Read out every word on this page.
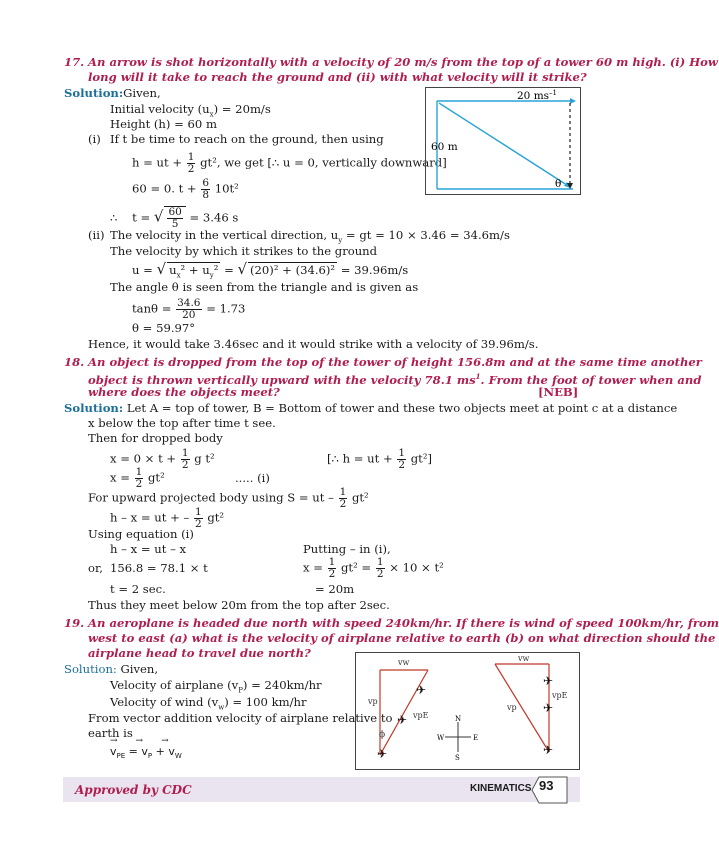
17. An arrow is shot horizontally with a velocity of 20 m/s from the top of a tower 60 m high. (i) How
long will it take to reach the ground and (ii) with what velocity will it strike?
Solution:Given,
Initial velocity $(u_x) = 20m/s$
Height (h) = 60 m
(i) If t be time to reach on the ground, then using
h = ut + $\frac{1}{2} gt^2$, we get [∴ u = 0, vertically downward]
60 = 0. $t + \frac{6}{8} 10t^2$
∴ t = √ $\frac{60}{5} = 3.46$ s
(ii) The velocity in the vertical direction, $u_y$ = gt = 10 × 3.46 = 34.6m/s
The velocity by which it strikes to the ground
u = √ $u_x^2 + u_y^2$ = √ (20)² + (34.6)² = 39.96m/s
The angle θ is seen from the triangle and is given as
$\tan\theta = \frac{34.6}{20} = 1.73$
θ = 59.97°
Hence, it would take 3.46sec and it would strike with a velocity of 39.96m/s.
20 $ms^{-1}$
60 m
θ
18. An object is dropped from the top of the tower of height 156.8m and at the same time another
object is thrown vertically upward with the velocity 78.1 $ms^1$. From the foot of tower when and
where does the objects meet?	[NEB]
Solution: Let A = top of tower, B = Bottom of tower and these two objects meet at point c at a distance
x below the top after time t see.
Then for dropped body
$x = 0 \times t + \frac{1}{2}$ g t²	[∴ h = ut + $\frac{1}{2} gt^2$]
$x = \frac{1}{2} gt^2$	..... (i)
For upward projected body using S = ut – $\frac{1}{2} gt^2$
h – x = ut + – $\frac{1}{2} gt^2$
Using equation (i)
h – x = ut – x	Putting – in (i),
or, 156.8 = 78.1 × t	$x = \frac{1}{2} gt^2 = \frac{1}{2} \times 10 \times t^2$
t = 2 sec.	= 20m
Thus they meet below 20m from the top after 2sec.
19. An aeroplane is headed due north with speed 240km/hr. If there is wind of speed 100km/hr, from
west to east (a) what is the velocity of airplane relative to earth (b) on what direction should the
airplane head to travel due north?
Solution: Given,
Velocity of airplane $(v_P) = 240km/hr$
Velocity of wind $(v_w) = 100$ km/hr
From vector addition velocity of airplane relative to
earth is
$v_{PE} = v_P + v_W$
→→→
vw
vp
vpE
ϕ
✈
✈
✈	N
S
E
W
vw
vpE
vp
✈
✈
✈
Approved by CDC	KINEMATICS 93
